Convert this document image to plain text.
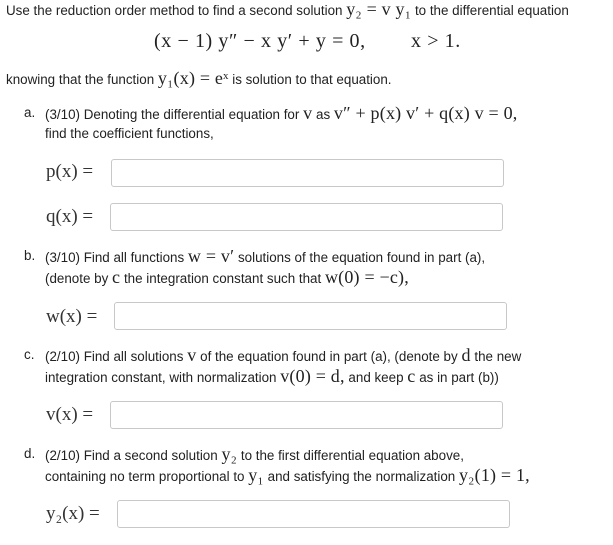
Use the reduction order method to find a second solution y₂ = v y₁ to the differential equation
(x − 1) y″ − x y′ + y = 0, x > 1.
knowing that the function y₁(x) = eˣ is solution to that equation.
a. (3/10) Denoting the differential equation for v as v″ + p(x) v′ + q(x) v = 0,
find the coefficient functions,
p(x) =
q(x) =
b. (3/10) Find all functions w = v′ solutions of the equation found in part (a),
(denote by c the integration constant such that w(0) = −c),
w(x) =
c. (2/10) Find all solutions v of the equation found in part (a), (denote by d the new
integration constant, with normalization v(0) = d, and keep c as in part (b))
v(x) =
d. (2/10) Find a second solution y₂ to the first differential equation above,
containing no term proportional to y₁ and satisfying the normalization y₂(1) = 1,
y₂(x) =
